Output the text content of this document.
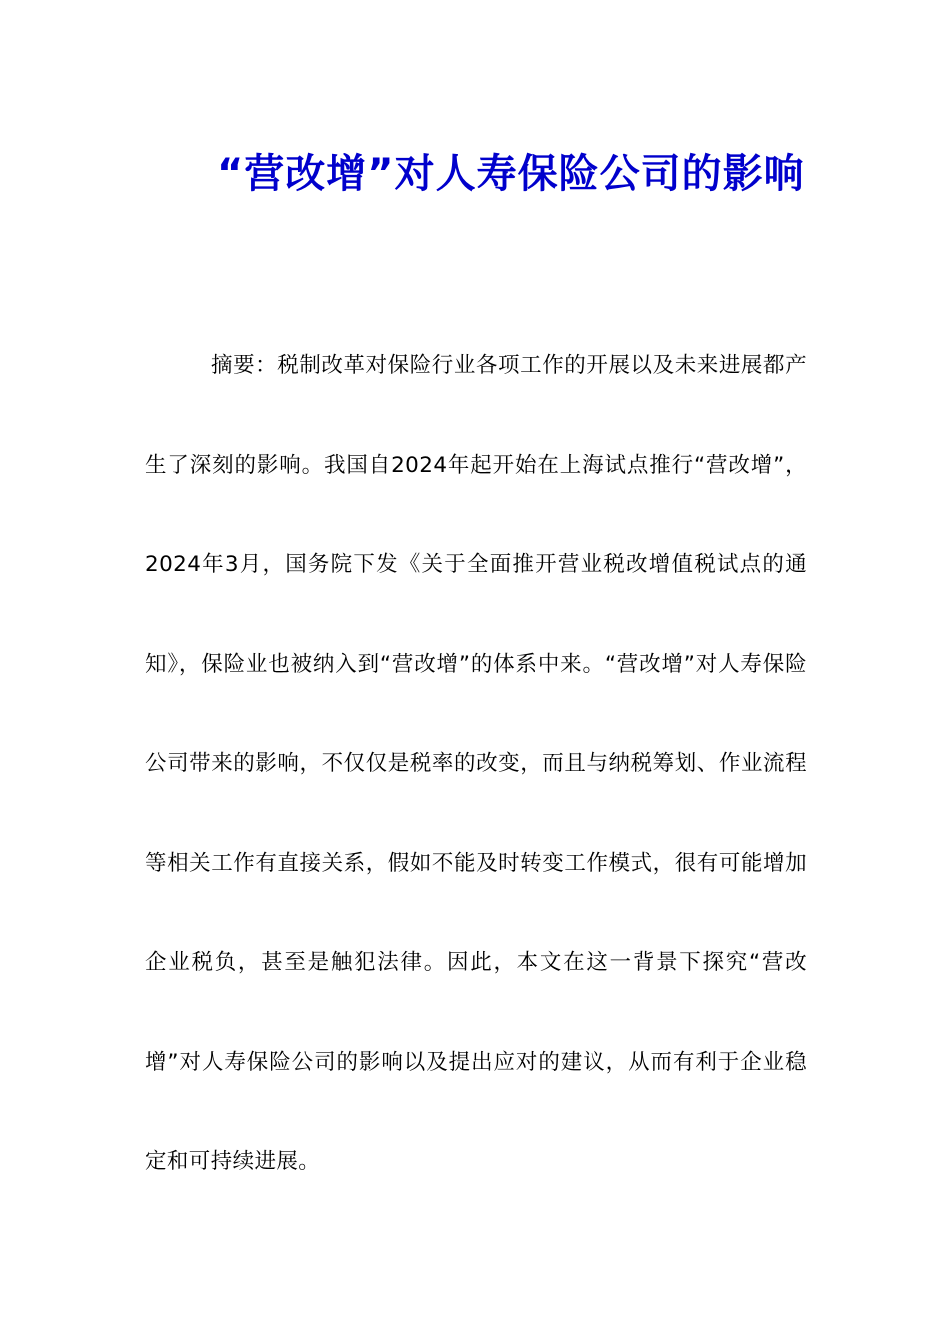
“营改增”对人寿保险公司的影响

摘要：税制改革对保险行业各项工作的开展以及未来进展都产生了深刻的影响。我国自2024年起开始在上海试点推行“营改增”，2024年3月，国务院下发《关于全面推开营业税改增值税试点的通知》，保险业也被纳入到“营改增”的体系中来。“营改增”对人寿保险公司带来的影响，不仅仅是税率的改变，而且与纳税筹划、作业流程等相关工作有直接关系，假如不能及时转变工作模式，很有可能增加企业税负，甚至是触犯法律。因此，本文在这一背景下探究“营改增”对人寿保险公司的影响以及提出应对的建议，从而有利于企业稳定和可持续进展。
